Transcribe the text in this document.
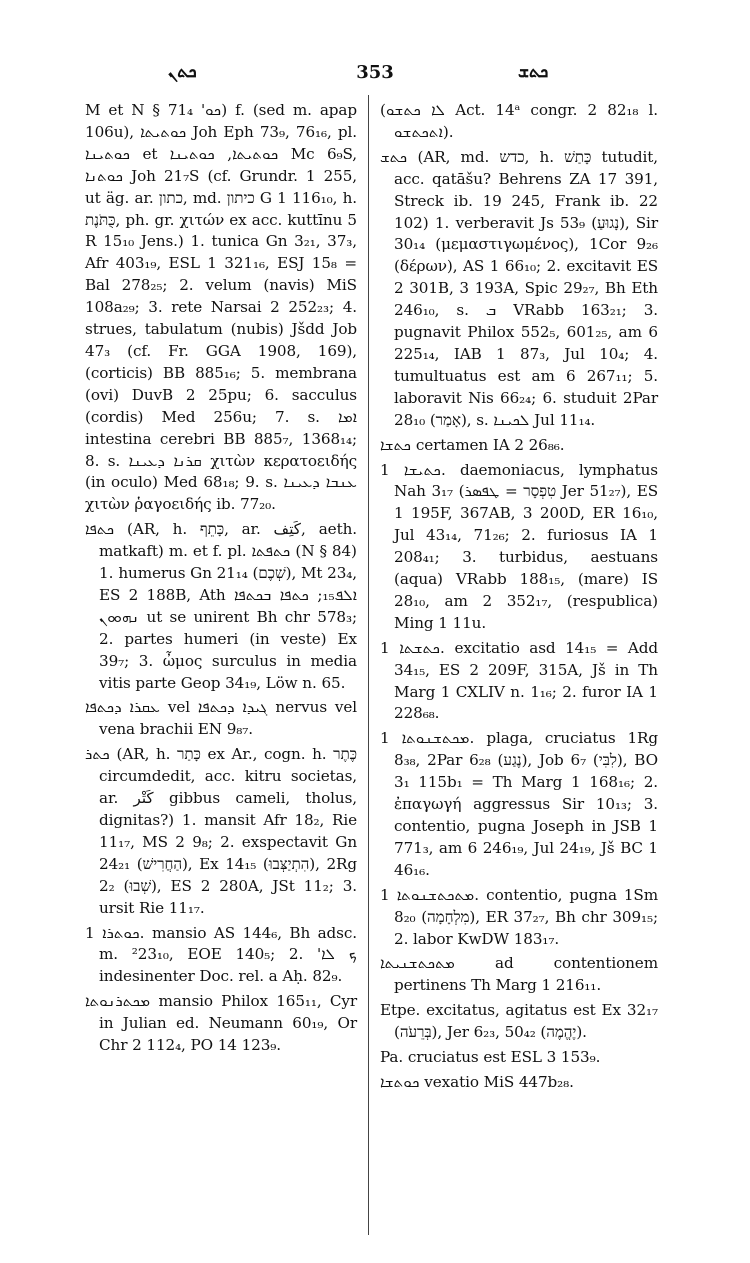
ܟܬܢ	353	ܟܬܫ

M et N § 71₄ 'ܟܘ) f. (sed m. apap 106u), ܟܘܬܝܬܐ Joh Eph 73₉, 76₁₆, pl. ܟܘܬܝܢܐ et ܟܘܬܝܬܐ, ܟܘܬܝܢܐ Mc 6₉S, ܟܘܬܢܐ Joh 21₇S (cf. Grundr. 1 255, ut äg. ar. כתון, md. כיתון G 1 116₁₀, h. כֻּתֹּנֶת, ph. gr. χιτών ex acc. kuttīnu 5 R 15₁₀ Jens.) 1. tunica Gn 3₂₁, 37₃, Afr 403₁₉, ESL 1 321₁₆, ESJ 15₈ = Bal 278₂₅; 2. velum (navis) MiS 108a₂₉; 3. rete Narsai 2 252₂₃; 4. strues, tabulatum (nubis) Jšdd Job 47₃ (cf. Fr. GGA 1908, 169), (corticis) BB 885₁₆; 5. membrana (ovi) DuvB 2 25pu; 6. sacculus (cordis) Med 256u; 7. s. ܐܡܐ intestina cerebri BB 885₇, 1368₁₄; 8. s. ܩܪܢܐ ܕܥܝܢܐ χιτὼν κερατοειδής (in oculo) Med 68₁₈; 9. s. ܥܢܒܐ ܕܥܝܢܐ χιτὼν ῥαγοειδής ib. 77₂₀.

ܟܬܦܐ (AR, h. כָּתֵף, ar. كَتِف, aeth. matkaft) m. et f. pl. ܟܬܦܬܐ (N § 84) 1. humerus Gn 21₁₄ (שְׁכֶם), Mt 23₄, ES 2 188B, Ath ܐܠܦ₁₅; ܟܬܦܐ ܒܟܬܦܐ ܢܗܘܘܢ ut se unirent Bh chr 578₃; 2. partes humeri (in veste) Ex 39₇; 3. ὦμος surculus in media vitis parte Geop 34₁₉, Löw n. 65.

ܥܩܪܐ ܕܟܬܦܐ vel ܓܝܕܐ ܕܟܬܦܐ nervus vel vena brachii EN 9₈₇.

ܟܬܪ (AR, h. כָּתַר ex Ar., cogn. h. כֶּתֶר circumdedit, acc. kitru societas, ar. كَتْر gibbus cameli, tholus, dignitas?) 1. mansit Afr 18₂, Rie 11₁₇, MS 2 9₈; 2. exspectavit Gn 24₂₁ (הַחֲרִישׁ), Ex 14₁₅ (הִתְיַצְּבוּ), 2Rg 2₂ (שְׁבוּ), ES 2 280A, JSt 11₂; 3. ursit Rie 11₁₇.

ܟܘܬܪܐ 1. mansio AS 144₆, Bh adsc. m. ²23₁₀, EOE 140₅; 2. 'ܟ ܠܐ indesinenter Doc. rel. a Aḥ. 82₉.

ܡܟܬܪܢܘܬܐ mansio Philox 165₁₁, Cyr in Julian ed. Neumann 60₁₉, Or Chr 2 112₄, PO 14 123₉.

(ܠܐ ܟܬܫܘ Act. 14ᵃ congr. 2 82₁₈ l. ܐܬܟܬܫܘ).

ܟܬܫ (AR, md. כדש, h. כָּתַשׁ tutudit, acc. qatāšu? Behrens ZA 17 391, Streck ib. 19 245, Frank ib. 22 102) 1. verberavit Js 53₉ (נָגוּעַ), Sir 30₁₄ (μεμαστιγωμένος), 1Cor 9₂₆ (δέρων), AS 1 66₁₀; 2. excitavit ES 2 301B, 3 193A, Spic 29₂₇, Bh Eth 246₁₀, s. ܒ VRabb 163₂₁; 3. pugnavit Philox 552₅, 601₂₅, am 6 225₁₄, IAB 1 87₃, Jul 10₄; 4. tumultuatus est am 6 267₁₁; 5. laboravit Nis 66₂₄; 6. studuit 2Par 28₁₀ (אָמַר), s. ܠܟܝܢܐ Jul 11₁₄.

ܟܬܫܐ certamen IA 2 26₈₆.

ܟܬܝܫܐ 1. daemoniacus, lymphatus Nah 3₁₇ (טִפְסָר = ܛܦܣܪ Jer 51₂₇), ES 1 195F, 367AB, 3 200D, ER 16₁₀, Jul 43₁₄, 71₂₆; 2. furiosus IA 1 208₄₁; 3. turbidus, aestuans (aqua) VRabb 188₁₅, (mare) IS 28₁₀, am 2 352₁₇, (respublica) Ming 1 11u.

ܟܬܫܬܐ 1. excitatio asd 14₁₅ = Add 34₁₅, ES 2 209F, 315A, Jš in Th Marg 1 CXLIV n. 1₁₆; 2. furor IA 1 228₆₈.

ܡܟܬܫܢܘܬܐ 1. plaga, cruciatus 1Rg 8₃₈, 2Par 6₂₈ (נֶגַע), Job 6₇ (לִבִּי), BO 3₁ 115b₁ = Th Marg 1 168₁₆; 2. ἐπαγωγή aggressus Sir 10₁₃; 3. contentio, pugna Joseph in JSB 1 771₃, am 6 246₁₉, Jul 24₁₉, Jš BC 1 46₁₆.

ܡܬܟܬܫܢܘܬܐ 1. contentio, pugna 1Sm 8₂₀ (מִלְחָמָה), ER 37₂₇, Bh chr 309₁₅; 2. labor KwDW 183₁₇.

ܡܬܟܬܫܢܝܬܐ ad contentionem pertinens Th Marg 1 216₁₁.

Etpe. excitatus, agitatus est Ex 32₁₇ (בְּרֵעֹה), Jer 6₂₃, 50₄₂ (יֶהֱמֶה).

Pa. cruciatus est ESL 3 153₉.

ܟܘܬܫܐ vexatio MiS 447b₂₈.
